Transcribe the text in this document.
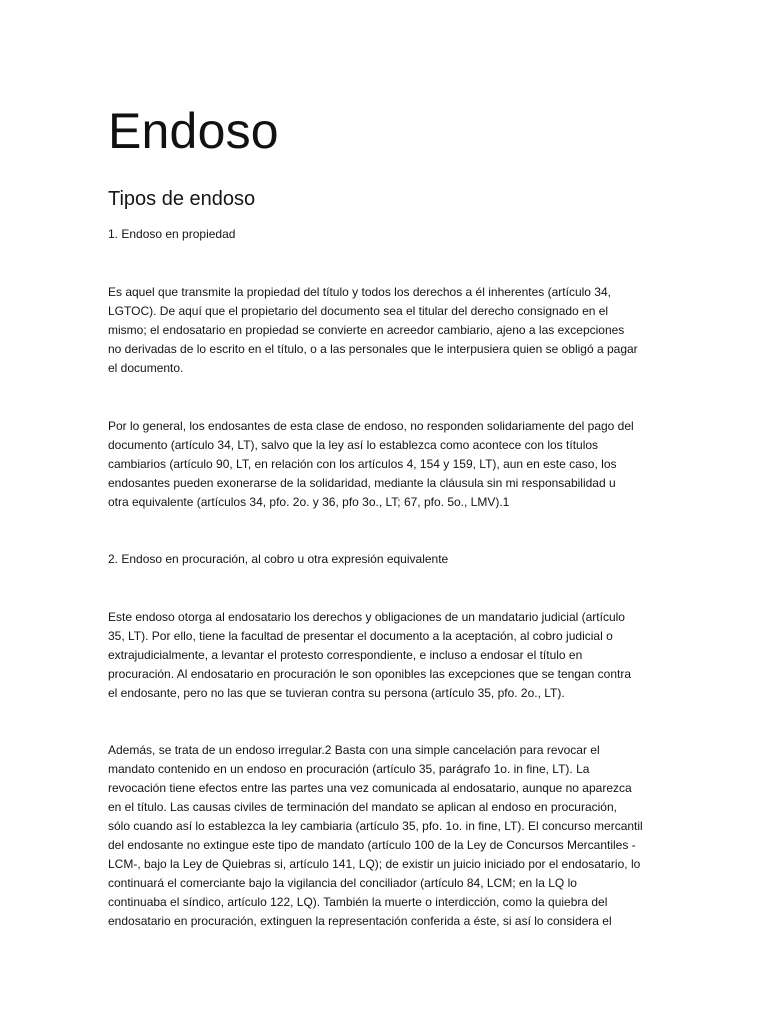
Endoso
Tipos de endoso

1. Endoso en propiedad

Es aquel que transmite la propiedad del título y todos los derechos a él inherentes (artículo 34,

LGTOC). De aquí que el propietario del documento sea el titular del derecho consignado en el

mismo; el endosatario en propiedad se convierte en acreedor cambiario, ajeno a las excepciones

no derivadas de lo escrito en el título, o a las personales que le interpusiera quien se obligó a pagar

el documento.

Por lo general, los endosantes de esta clase de endoso, no responden solidariamente del pago del

documento (artículo 34, LT), salvo que la ley así lo establezca como acontece con los títulos

cambiarios (artículo 90, LT, en relación con los artículos 4, 154 y 159, LT), aun en este caso, los

endosantes pueden exonerarse de la solidaridad, mediante la cláusula sin mi responsabilidad u

otra equivalente (artículos 34, pfo. 2o. y 36, pfo 3o., LT; 67, pfo. 5o., LMV).1

2. Endoso en procuración, al cobro u otra expresión equivalente

Este endoso otorga al endosatario los derechos y obligaciones de un mandatario judicial (artículo

35, LT). Por ello, tiene la facultad de presentar el documento a la aceptación, al cobro judicial o

extrajudicialmente, a levantar el protesto correspondiente, e incluso a endosar el título en

procuración. Al endosatario en procuración le son oponibles las excepciones que se tengan contra

el endosante, pero no las que se tuvieran contra su persona (artículo 35, pfo. 2o., LT).

Además, se trata de un endoso irregular.2 Basta con una simple cancelación para revocar el

mandato contenido en un endoso en procuración (artículo 35, parágrafo 1o. in fine, LT). La

revocación tiene efectos entre las partes una vez comunicada al endosatario, aunque no aparezca

en el título. Las causas civiles de terminación del mandato se aplican al endoso en procuración,

sólo cuando así lo establezca la ley cambiaria (artículo 35, pfo. 1o. in fine, LT). El concurso mercantil

del endosante no extingue este tipo de mandato (artículo 100 de la Ley de Concursos Mercantiles -

LCM-, bajo la Ley de Quiebras si, artículo 141, LQ); de existir un juicio iniciado por el endosatario, lo

continuará el comerciante bajo la vigilancia del conciliador (artículo 84, LCM; en la LQ lo

continuaba el síndico, artículo 122, LQ). También la muerte o interdicción, como la quiebra del

endosatario en procuración, extinguen la representación conferida a éste, si así lo considera el
